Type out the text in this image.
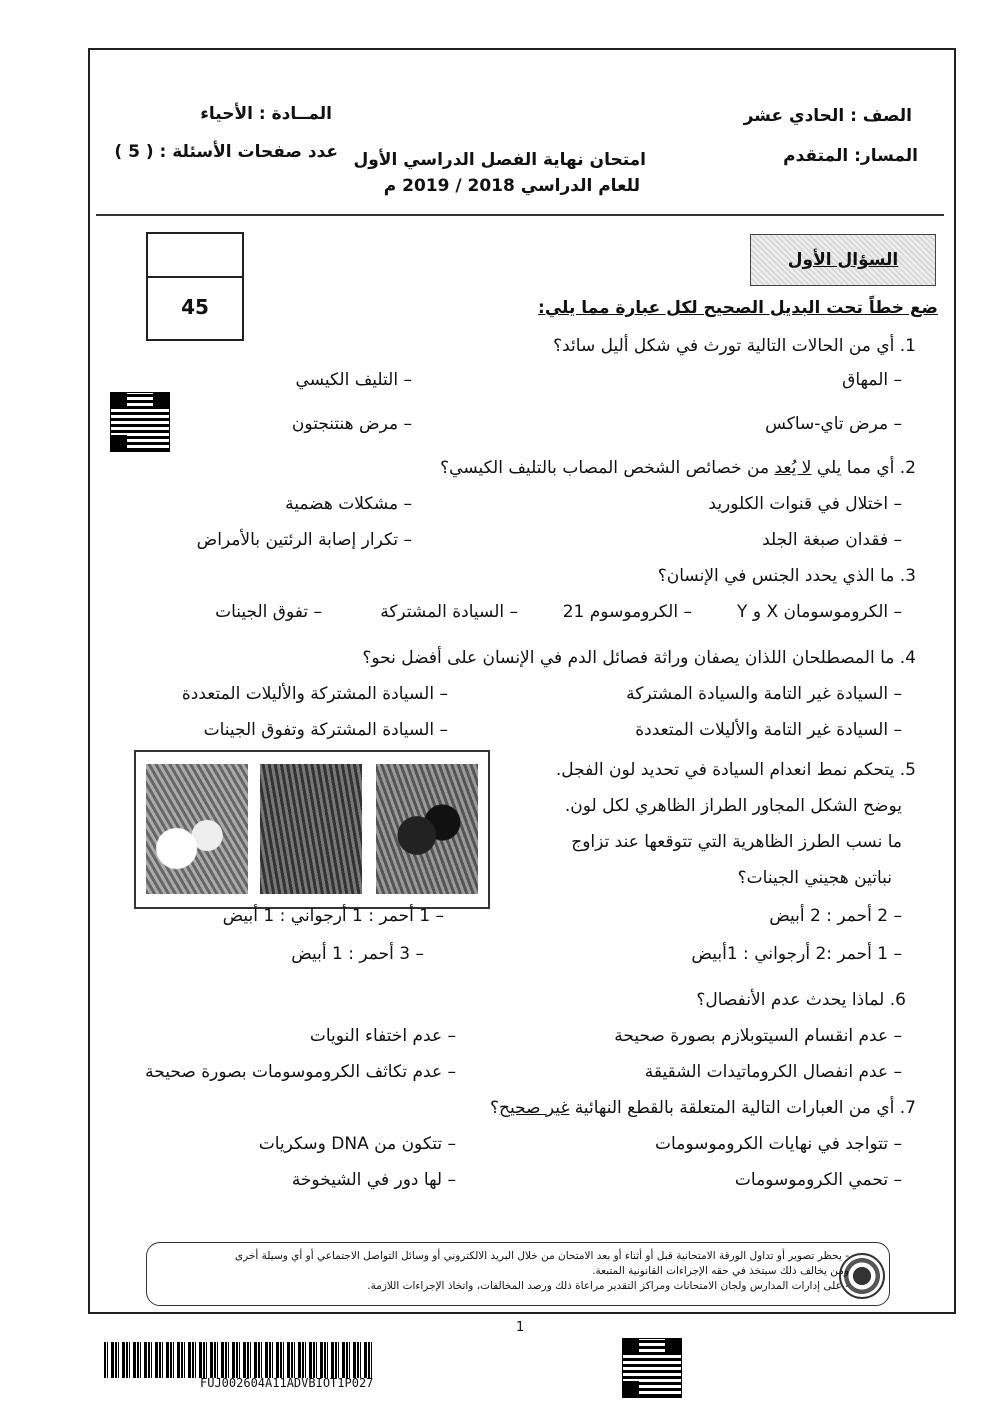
الصف : الحادي عشر
المسار: المتقدم
امتحان نهاية الفصل الدراسي الأول
للعام الدراسي 2018 / 2019 م
المــادة : الأحياء
عدد صفحات الأسئلة : ( 5 )
45
السؤال الأول
ضع خطاً تحت البديل الصحيح لكل عبارة مما يلي:
1. أي من الحالات التالية تورث في شكل أليل سائد؟
– المهاق
– التليف الكيسي
– مرض تاي-ساكس
– مرض هنتنجتون
2. أي مما يلي لا يُعد من خصائص الشخص المصاب بالتليف الكيسي؟
– اختلال في قنوات الكلوريد
– مشكلات هضمية
– فقدان صبغة الجلد
– تكرار إصابة الرئتين بالأمراض
3. ما الذي يحدد الجنس في الإنسان؟
– الكروموسومان X و Y
– الكروموسوم 21
– السيادة المشتركة
– تفوق الجينات
4. ما المصطلحان اللذان يصفان وراثة فصائل الدم في الإنسان على أفضل نحو؟
– السيادة غير التامة والسيادة المشتركة
– السيادة المشتركة والأليلات المتعددة
– السيادة غير التامة والأليلات المتعددة
– السيادة المشتركة وتفوق الجينات
5. يتحكم نمط انعدام السيادة في تحديد لون الفجل.
يوضح الشكل المجاور الطراز الظاهري لكل لون.
ما نسب الطرز الظاهرية التي تتوقعها عند تزاوج
نباتين هجيني الجينات؟
– 2 أحمر : 2 أبيض
– 1 أحمر : 1 أرجواني : 1 أبيض
– 1 أحمر :2 أرجواني : 1أبيض
– 3 أحمر : 1 أبيض
6. لماذا يحدث عدم الأنفصال؟
– عدم انقسام السيتوبلازم بصورة صحيحة
– عدم اختفاء النويات
– عدم انفصال الكروماتيدات الشقيقة
– عدم تكاثف الكروموسومات بصورة صحيحة
7. أي من العبارات التالية المتعلقة بالقطع النهائية غير صحيح؟
– تتواجد في نهايات الكروموسومات
– تتكون من DNA وسكريات
– تحمي الكروموسومات
– لها دور في الشيخوخة
- يحظر تصوير أو تداول الورقة الامتحانية قبل أو أثناء أو بعد الامتحان من خلال البريد الالكتروني أو وسائل التواصل الاجتماعي أو أي وسيلة أخرى
ومن يخالف ذلك سيتخذ في حقه الإجراءات القانونية المتبعة.
- على إدارات المدارس ولجان الامتحانات ومراكز التقدير مراعاة ذلك ورصد المخالفات، واتخاذ الإجراءات اللازمة.
1
FUJ002604A11ADVBIOT1P027
